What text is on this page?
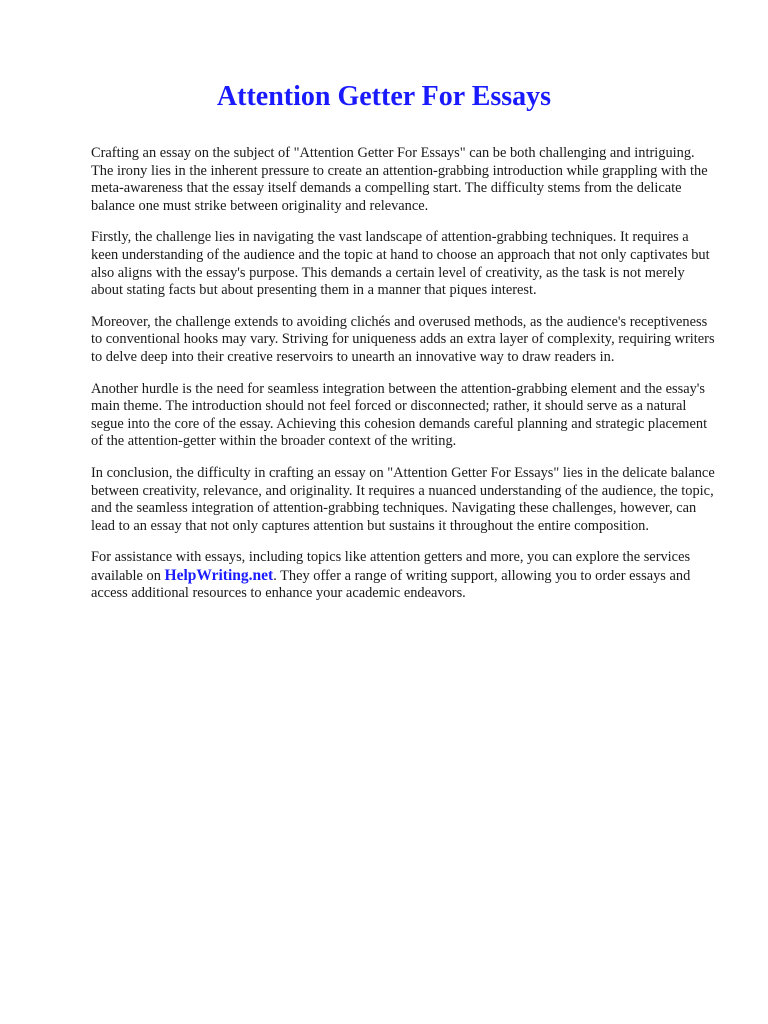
Attention Getter For Essays

Crafting an essay on the subject of "Attention Getter For Essays" can be both challenging and intriguing. The irony lies in the inherent pressure to create an attention-grabbing introduction while grappling with the meta-awareness that the essay itself demands a compelling start. The difficulty stems from the delicate balance one must strike between originality and relevance.

Firstly, the challenge lies in navigating the vast landscape of attention-grabbing techniques. It requires a keen understanding of the audience and the topic at hand to choose an approach that not only captivates but also aligns with the essay's purpose. This demands a certain level of creativity, as the task is not merely about stating facts but about presenting them in a manner that piques interest.

Moreover, the challenge extends to avoiding clichés and overused methods, as the audience's receptiveness to conventional hooks may vary. Striving for uniqueness adds an extra layer of complexity, requiring writers to delve deep into their creative reservoirs to unearth an innovative way to draw readers in.

Another hurdle is the need for seamless integration between the attention-grabbing element and the essay's main theme. The introduction should not feel forced or disconnected; rather, it should serve as a natural segue into the core of the essay. Achieving this cohesion demands careful planning and strategic placement of the attention-getter within the broader context of the writing.

In conclusion, the difficulty in crafting an essay on "Attention Getter For Essays" lies in the delicate balance between creativity, relevance, and originality. It requires a nuanced understanding of the audience, the topic, and the seamless integration of attention-grabbing techniques. Navigating these challenges, however, can lead to an essay that not only captures attention but sustains it throughout the entire composition.

For assistance with essays, including topics like attention getters and more, you can explore the services available on HelpWriting.net. They offer a range of writing support, allowing you to order essays and access additional resources to enhance your academic endeavors.
